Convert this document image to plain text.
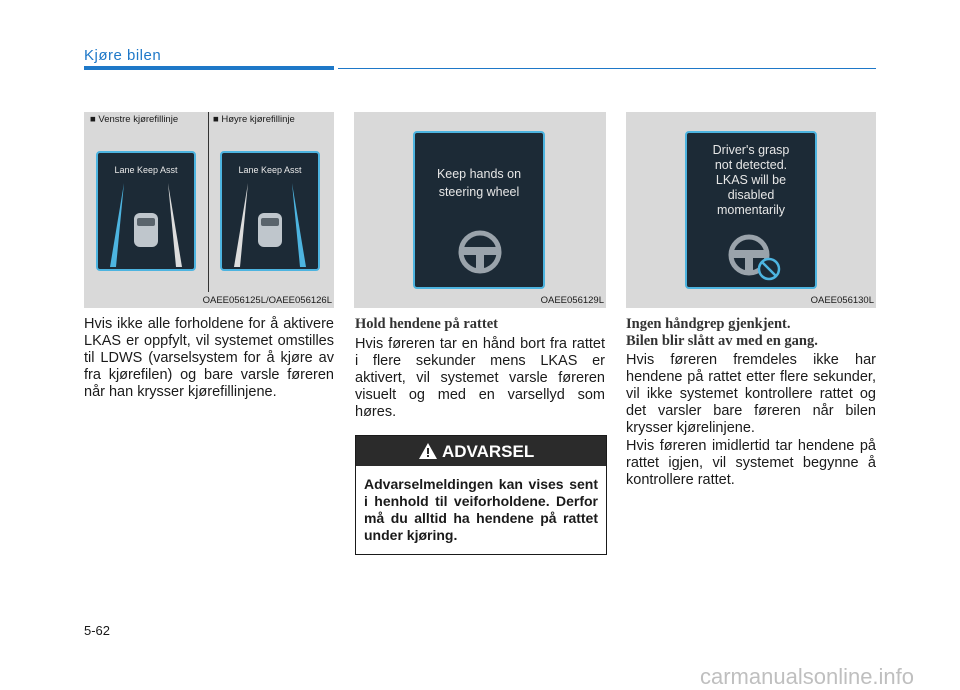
Kjøre bilen
■ Venstre kjørefillinje	■ Høyre kjørefillinje
Lane Keep Asst	Lane Keep Asst
OAEE056125L/OAEE056126L
Keep hands on
steering wheel
OAEE056129L
Driver's grasp
not detected.
LKAS will be
disabled
momentarily
OAEE056130L
Hvis ikke alle forholdene for å aktivere LKAS er oppfylt, vil systemet omstilles til LDWS (varselsystem for å kjøre av fra kjørefilen) og bare varsle føreren når han krysser kjørefillinjene.
Hold hendene på rattet
Hvis føreren tar en hånd bort fra rattet i flere sekunder mens LKAS er aktivert, vil systemet varsle føreren visuelt og med en varsellyd som høres.
ADVARSEL
Advarselmeldingen kan vises sent i henhold til veiforholdene. Derfor må du alltid ha hendene på rattet under kjøring.
Ingen håndgrep gjenkjent.
Bilen blir slått av med en gang.
Hvis føreren fremdeles ikke har hendene på rattet etter flere sekunder, vil ikke systemet kontrollere rattet og det varsler bare føreren når bilen krysser kjørelinjene.
Hvis føreren imidlertid tar hendene på rattet igjen, vil systemet begynne å kontrollere rattet.
5-62
carmanualsonline.info
